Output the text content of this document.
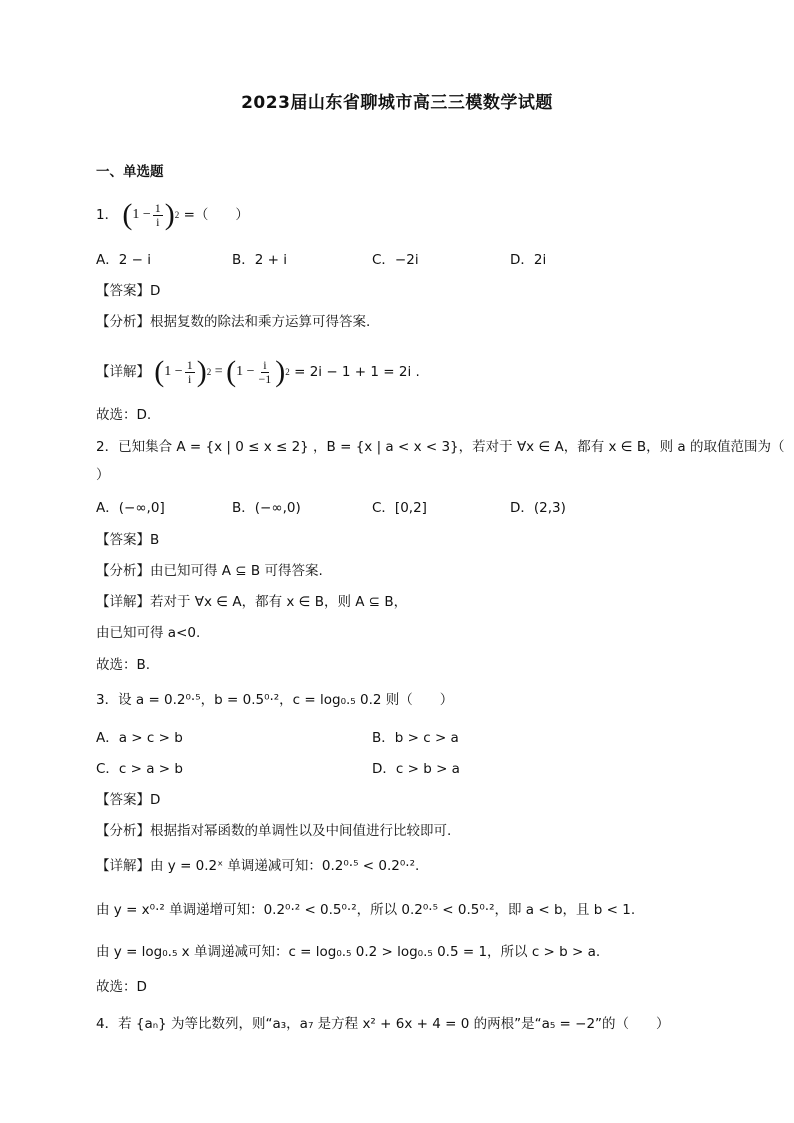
2023届山东省聊城市高三三模数学试题
一、单选题
1． ( $1 - \frac{1}{i}$ ) 2 =（　　）
A．2 − i	B．2 + i	C．−2i	D．2i
【答案】D
【分析】根据复数的除法和乘方运算可得答案.
【详解】 ( $1 - \frac{1}{i}$ ) 2 = ( $1 - \frac{i}{-1}$ ) 2 = 2i − 1 + 1 = 2i .
故选：D.
2．已知集合 A = {x | 0 ≤ x ≤ 2} ，B = {x | a < x < 3}，若对于 ∀x ∈ A，都有 x ∈ B，则 a 的取值范围为（
）
A．(−∞,0]	B．(−∞,0)	C．[0,2]	D．(2,3)
【答案】B
【分析】由已知可得 A ⊆ B 可得答案.
【详解】若对于 ∀x ∈ A，都有 x ∈ B，则 A ⊆ B，
由已知可得 a<0.
故选：B.
3．设 a = 0.2⁰·⁵，b = 0.5⁰·²，c = log₀.₅ 0.2 则（　　）
A．a > c > b	B．b > c > a
C．c > a > b	D．c > b > a
【答案】D
【分析】根据指对幂函数的单调性以及中间值进行比较即可.
【详解】由 y = 0.2ˣ 单调递减可知：0.2⁰·⁵ < 0.2⁰·².
由 y = x⁰·² 单调递增可知：0.2⁰·² < 0.5⁰·²，所以 0.2⁰·⁵ < 0.5⁰·²，即 a < b，且 b < 1.
由 y = log₀.₅ x 单调递减可知：c = log₀.₅ 0.2 > log₀.₅ 0.5 = 1，所以 c > b > a.
故选：D
4．若 {aₙ} 为等比数列，则“a₃，a₇ 是方程 x² + 6x + 4 = 0 的两根”是“a₅ = −2”的（　　）
